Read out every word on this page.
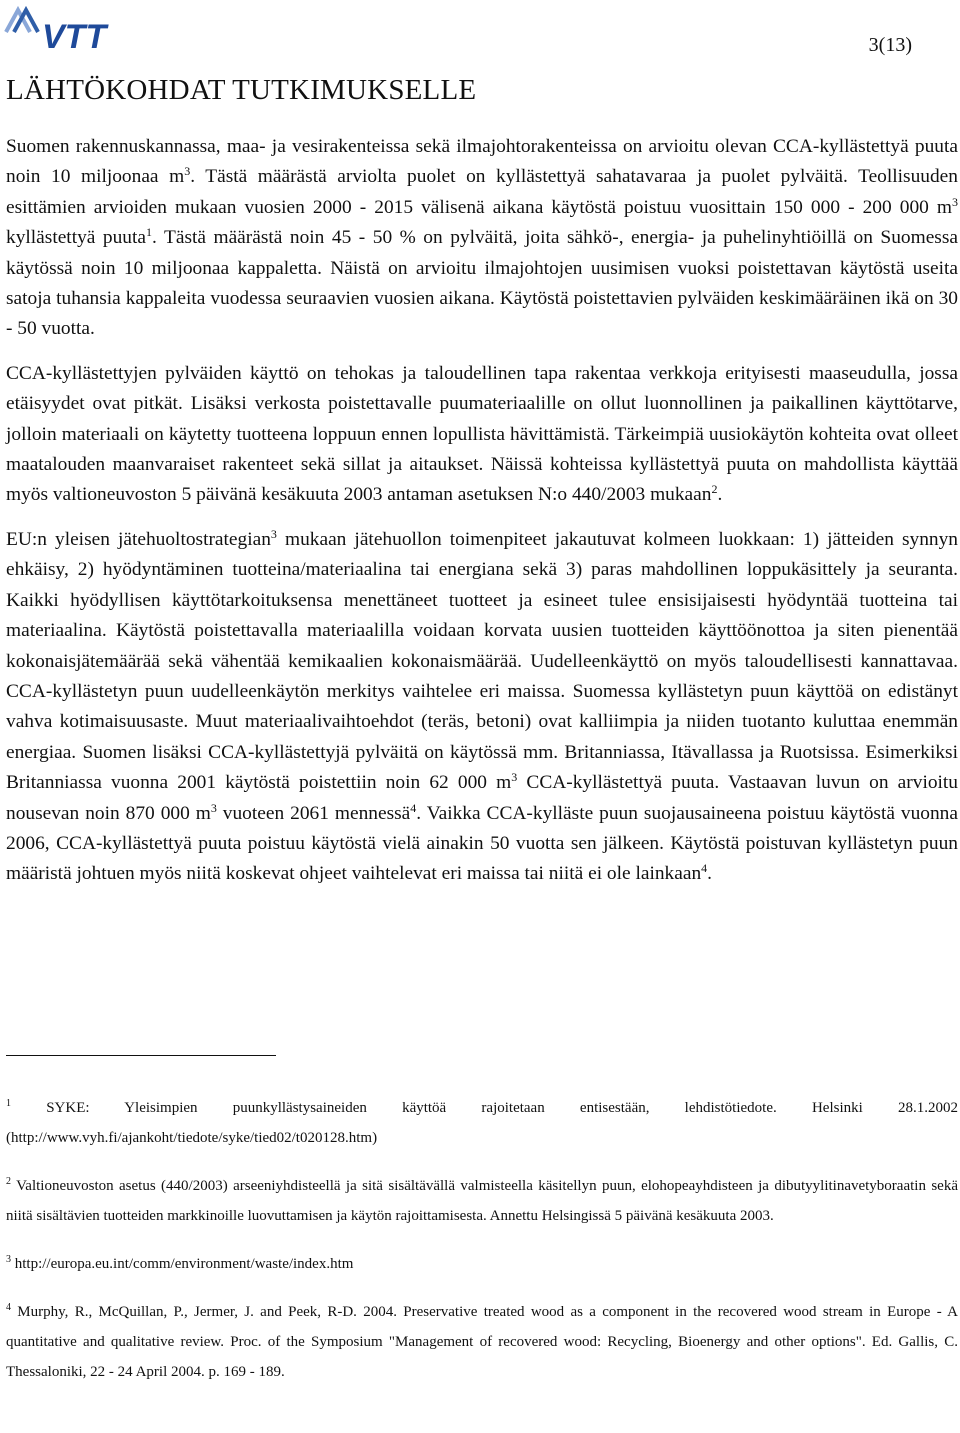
VTT	3(13)
LÄHTÖKOHDAT TUTKIMUKSELLE

Suomen rakennuskannassa, maa- ja vesirakenteissa sekä ilmajohtorakenteissa on arvioitu olevan CCA-kyllästettyä puuta noin 10 miljoonaa $m^3$. Tästä määrästä arviolta puolet on kyllästettyä sahatavaraa ja puolet pylväitä. Teollisuuden esittämien arvioiden mukaan vuosien 2000 - 2015 välisenä aikana käytöstä poistuu vuosittain 150 000 - 200 000 $m^3$ kyllästettyä puuta$^1$. Tästä määrästä noin 45 - 50 % on pylväitä, joita sähkö-, energia- ja puhelinyhtiöillä on Suomessa käytössä noin 10 miljoonaa kappaletta. Näistä on arvioitu ilmajohtojen uusimisen vuoksi poistettavan käytöstä useita satoja tuhansia kappaleita vuodessa seuraavien vuosien aikana. Käytöstä poistettavien pylväiden keskimääräinen ikä on 30 - 50 vuotta.

CCA-kyllästettyjen pylväiden käyttö on tehokas ja taloudellinen tapa rakentaa verkkoja erityisesti maaseudulla, jossa etäisyydet ovat pitkät. Lisäksi verkosta poistettavalle puumateriaalille on ollut luonnollinen ja paikallinen käyttötarve, jolloin materiaali on käytetty tuotteena loppuun ennen lopullista hävittämistä. Tärkeimpiä uusiokäytön kohteita ovat olleet maatalouden maanvaraiset rakenteet sekä sillat ja aitaukset. Näissä kohteissa kyllästettyä puuta on mahdollista käyttää myös valtioneuvoston 5 päivänä kesäkuuta 2003 antaman asetuksen N:o 440/2003 mukaan$^2$.

EU:n yleisen jätehuoltostrategian$^3$ mukaan jätehuollon toimenpiteet jakautuvat kolmeen luokkaan: 1) jätteiden synnyn ehkäisy, 2) hyödyntäminen tuotteina/materiaalina tai energiana sekä 3) paras mahdollinen loppukäsittely ja seuranta. Kaikki hyödyllisen käyttötarkoituksensa menettäneet tuotteet ja esineet tulee ensisijaisesti hyödyntää tuotteina tai materiaalina. Käytöstä poistettavalla materiaalilla voidaan korvata uusien tuotteiden käyttöönottoa ja siten pienentää kokonaisjätemäärää sekä vähentää kemikaalien kokonaismäärää. Uudelleenkäyttö on myös taloudellisesti kannattavaa. CCA-kyllästetyn puun uudelleenkäytön merkitys vaihtelee eri maissa. Suomessa kyllästetyn puun käyttöä on edistänyt vahva kotimaisuusaste. Muut materiaalivaihtoehdot (teräs, betoni) ovat kalliimpia ja niiden tuotanto kuluttaa enemmän energiaa. Suomen lisäksi CCA-kyllästettyjä pylväitä on käytössä mm. Britanniassa, Itävallassa ja Ruotsissa. Esimerkiksi Britanniassa vuonna 2001 käytöstä poistettiin noin 62 000 $m^3$ CCA-kyllästettyä puuta. Vastaavan luvun on arvioitu nousevan noin 870 000 $m^3$ vuoteen 2061 mennessä$^4$. Vaikka CCA-kylläste puun suojausaineena poistuu käytöstä vuonna 2006, CCA-kyllästettyä puuta poistuu käytöstä vielä ainakin 50 vuotta sen jälkeen. Käytöstä poistuvan kyllästetyn puun määristä johtuen myös niitä koskevat ohjeet vaihtelevat eri maissa tai niitä ei ole lainkaan$^4$.

$^1$ SYKE: Yleisimpien puunkyllästysaineiden käyttöä rajoitetaan entisestään, lehdistötiedote. Helsinki 28.1.2002 (http://www.vyh.fi/ajankoht/tiedote/syke/tied02/t020128.htm)

$^2$ Valtioneuvoston asetus (440/2003) arseeniyhdisteellä ja sitä sisältävällä valmisteella käsitellyn puun, elohopeayhdisteen ja dibutyylitinavetyboraatin sekä niitä sisältävien tuotteiden markkinoille luovuttamisen ja käytön rajoittamisesta. Annettu Helsingissä 5 päivänä kesäkuuta 2003.

$^3$ http://europa.eu.int/comm/environment/waste/index.htm

$^4$ Murphy, R., McQuillan, P., Jermer, J. and Peek, R-D. 2004. Preservative treated wood as a component in the recovered wood stream in Europe - A quantitative and qualitative review. Proc. of the Symposium "Management of recovered wood: Recycling, Bioenergy and other options". Ed. Gallis, C. Thessaloniki, 22 - 24 April 2004. p. 169 - 189.
